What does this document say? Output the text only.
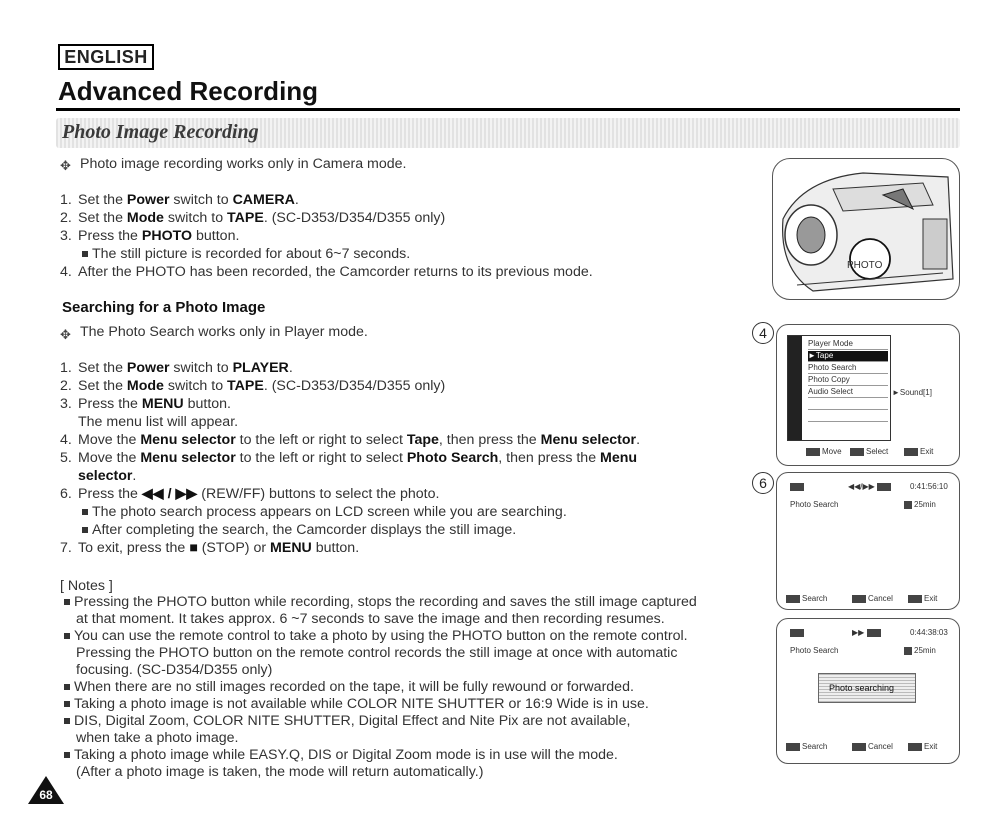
ENGLISH
Advanced Recording
Photo Image Recording
✥ Photo image recording works only in Camera mode.
1. Set the Power switch to CAMERA.
2. Set the Mode switch to TAPE. (SC-D353/D354/D355 only)
3. Press the PHOTO button.
The still picture is recorded for about 6~7 seconds.
4. After the PHOTO has been recorded, the Camcorder returns to its previous mode.
Searching for a Photo Image
✥ The Photo Search works only in Player mode.
1. Set the Power switch to PLAYER.
2. Set the Mode switch to TAPE. (SC-D353/D354/D355 only)
3. Press the MENU button.
The menu list will appear.
4. Move the Menu selector to the left or right to select Tape, then press the Menu selector.
5. Move the Menu selector to the left or right to select Photo Search, then press the Menu
selector.
6. Press the ◀◀ / ▶▶ (REW/FF) buttons to select the photo.
The photo search process appears on LCD screen while you are searching.
After completing the search, the Camcorder displays the still image.
7. To exit, press the ■ (STOP) or MENU button.
[ Notes ]
Pressing the PHOTO button while recording, stops the recording and saves the still image captured
at that moment. It takes approx. 6 ~7 seconds to save the image and then recording resumes.
You can use the remote control to take a photo by using the PHOTO button on the remote control.
Pressing the PHOTO button on the remote control records the still image at once with automatic
focusing. (SC-D354/D355 only)
When there are no still images recorded on the tape, it will be fully rewound or forwarded.
Taking a photo image is not available while COLOR NITE SHUTTER or 16:9 Wide is in use.
DIS, Digital Zoom, COLOR NITE SHUTTER, Digital Effect and Nite Pix are not available,
when take a photo image.
Taking a photo image while EASY.Q, DIS or Digital Zoom mode is in use will the mode.
(After a photo image is taken, the mode will return automatically.)
PHOTO
4
Player Mode
►Tape
Photo Search
Photo Copy
Audio Select	►Sound[1]
Move	Select	Exit
6	◀◀/▶▶	0:41:56:10
Photo Search	25min
Search	Cancel	Exit
▶▶	0:44:38:03
Photo Search	25min
Photo searching
Search	Cancel	Exit
68
